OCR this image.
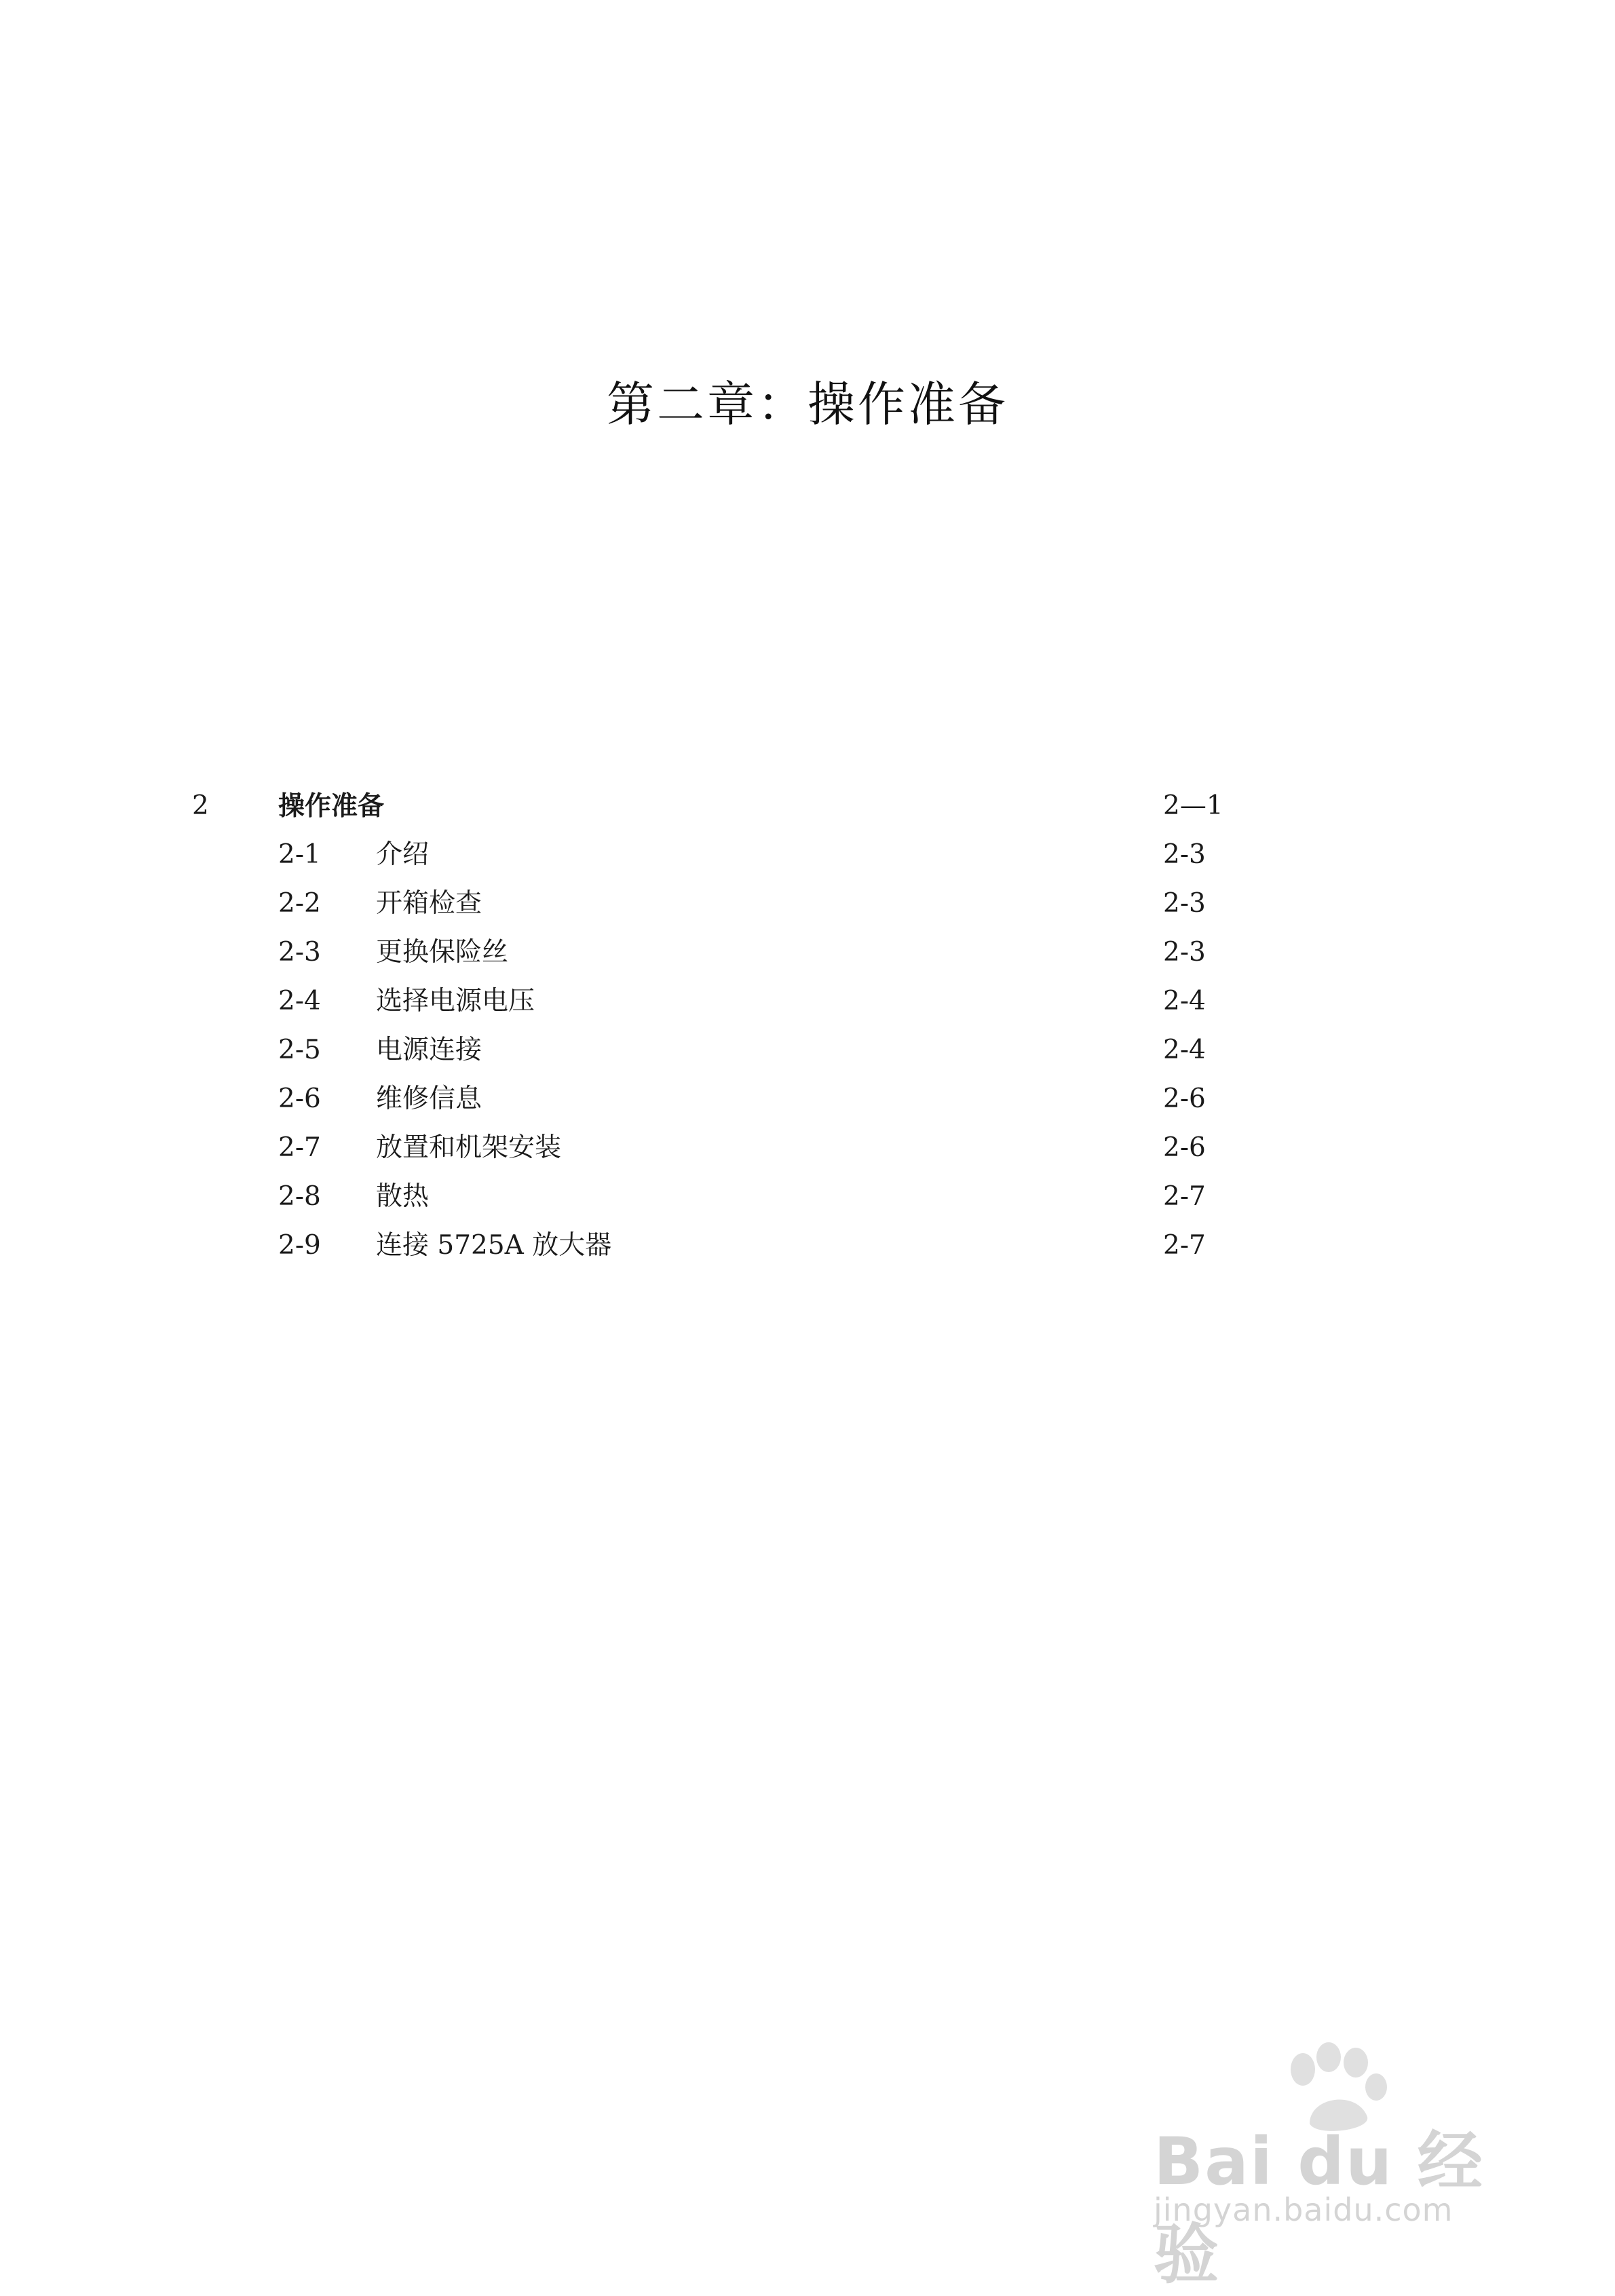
第二章：操作准备
2	操作准备	2—1
2-1 介绍	2-3
2-2 开箱检查	2-3
2-3 更换保险丝	2-3
2-4 选择电源电压	2-4
2-5 电源连接	2-4
2-6 维修信息	2-6
2-7 放置和机架安装	2-6
2-8 散热	2-7
2-9 连接 5725A 放大器	2-7
Bai du 经验
jingyan.baidu.com
